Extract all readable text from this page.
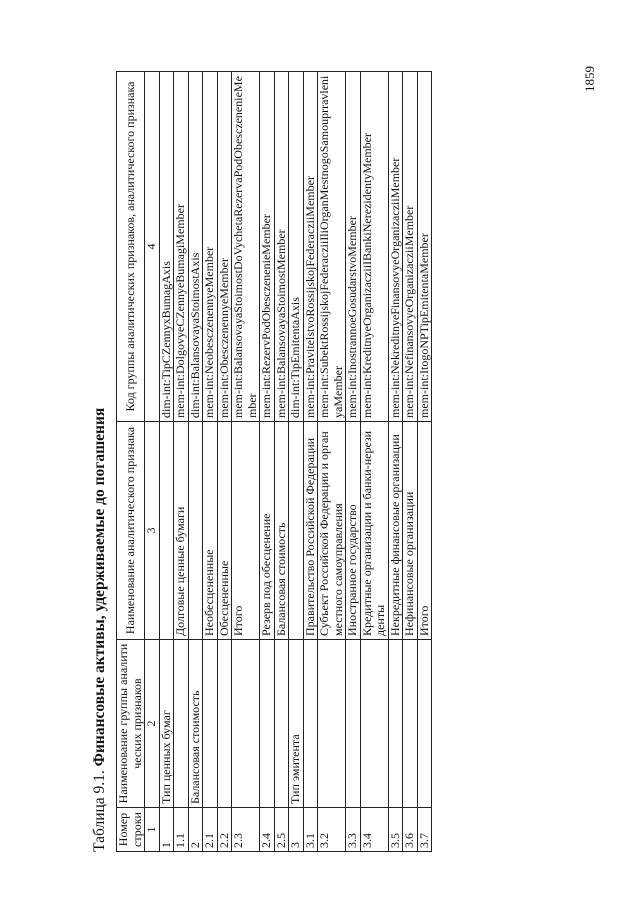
Таблица 9.1. Финансовые активы, удерживаемые до погашения
Номер строки	Наименование группы аналитических признаков	Наименование аналитического признака	Код группы аналитических признаков, аналитического признака
1	2	3	4
1	Тип ценных бумаг		dim-int:TipCZennyxBumagAxis
1.1		Долговые ценные бумаги	mem-int:DolgovyeCZennyeBumagiMember
2	Балансовая стоимость		dim-int:BalansovayaStoimostAxis
2.1		Необесцененные	mem-int:NeobesczenennyeMember
2.2		Обесцененные	mem-int:ObesczenennyeMember
2.3		Итого	mem-int:BalansovayaStoimostDoVychetaRezervaPodObesczenenieMember
2.4		Резерв под обесценение	mem-int:RezervPodObesczenenieMember
2.5		Балансовая стоимость	mem-int:BalansovayaStoimostMember
3	Тип эмитента		dim-int:TipEmitentaAxis
3.1		Правительство Российской Федерации	mem-int:PravitelstvoRossijskojFederacziiMember
3.2		Субъект Российской Федерации и орган местного самоуправления	mem-int:SubektRossijskojFederacziiIliOrganMestnogoSamouprravleniyaMember
3.3		Иностранное государство	mem-int:InostrannoeGosudarstvoMember
3.4		Кредитные организации и банки-нерезиденты	mem-int:KreditnyeOrganizacziiIBankiNerezidentyMember
3.5		Некредитные финансовые организации	mem-int:NekreditnyeFinansovyeOrganizacziiMember
3.6		Нефинансовые организации	mem-int:NefinansovyeOrganizacziiMember
3.7		Итого	mem-int:ItogoNPTipEmitentaMember
1859
